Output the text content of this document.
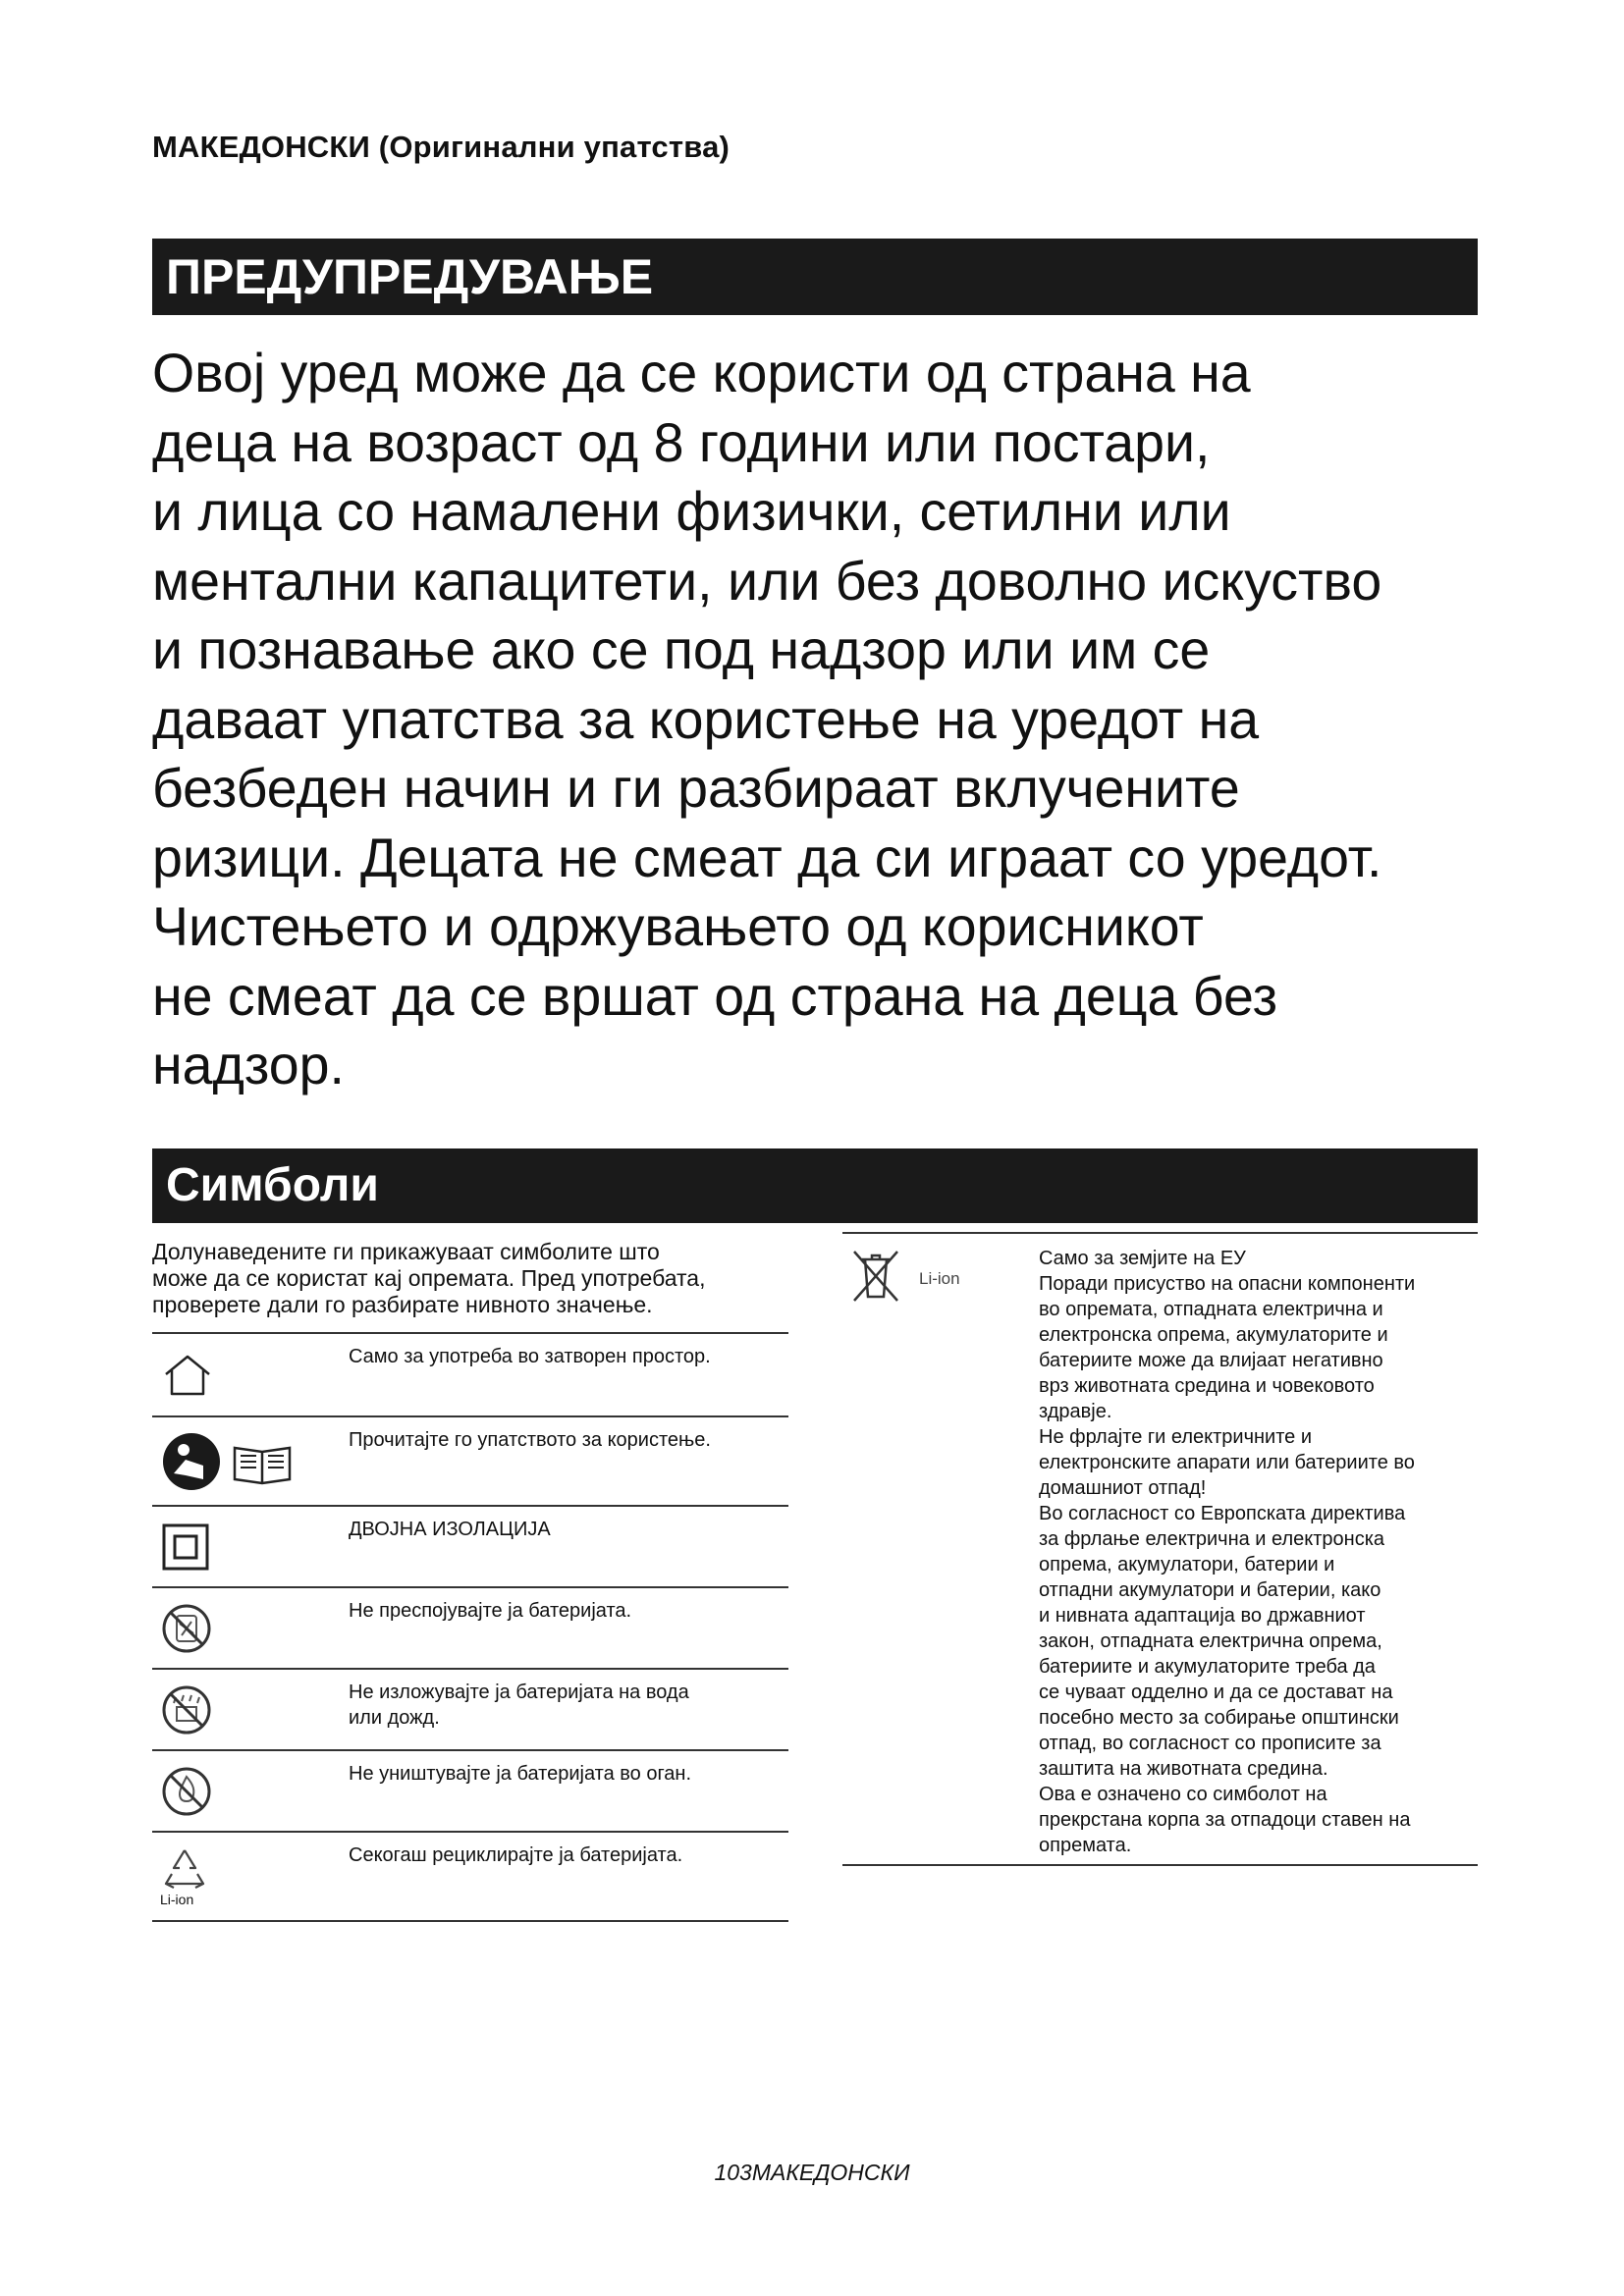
МАКЕДОНСКИ (Оригинални упатства)
ПРЕДУПРЕДУВАЊЕ

Овој уред може да се користи од страна на
деца на возраст од 8 години или постари,
и лица со намалени физички, сетилни или
ментални капацитети, или без доволно искуство
и познавање ако се под надзор или им се
даваат упатства за користење на уредот на
безбеден начин и ги разбираат вклучените
ризици. Децата не смеат да си играат со уредот.
Чистењето и одржувањето од корисникот
не смеат да се вршат од страна на деца без
надзор.

Симболи

Долунаведените ги прикажуваат симболите што
може да се користат кај опремата. Пред употребата,
проверете дали го разбирате нивното значење.

Само за употреба во затворен простор.
Прочитајте го упатството за користење.
ДВОЈНА ИЗОЛАЦИЈА
Не преспојувајте ја батеријата.
Не изложувајте ја батеријата на вода
или дожд.
Не уништувајте ја батеријата во оган.
Li-ion
Секогаш рециклирајте ја батеријата.
Li-ion
Само за земјите на ЕУ
Поради присуство на опасни компоненти
во опремата, отпадната електрична и
електронска опрема, акумулаторите и
батериите може да влијаат негативно
врз животната средина и човековото
здравје.
Не фрлајте ги електричните и
електронските апарати или батериите во
домашниот отпад!
Во согласност со Европската директива
за фрлање електрична и електронска
опрема, акумулатори, батерии и
отпадни акумулатори и батерии, како
и нивната адаптација во државниот
закон, отпадната електрична опрема,
батериите и акумулаторите треба да
се чуваат одделно и да се достават на
посебно место за собирање општински
отпад, во согласност со прописите за
заштита на животната средина.
Ова е означено со симболот на
прекрстана корпа за отпадоци ставен на
опремата.
103МАКЕДОНСКИ
